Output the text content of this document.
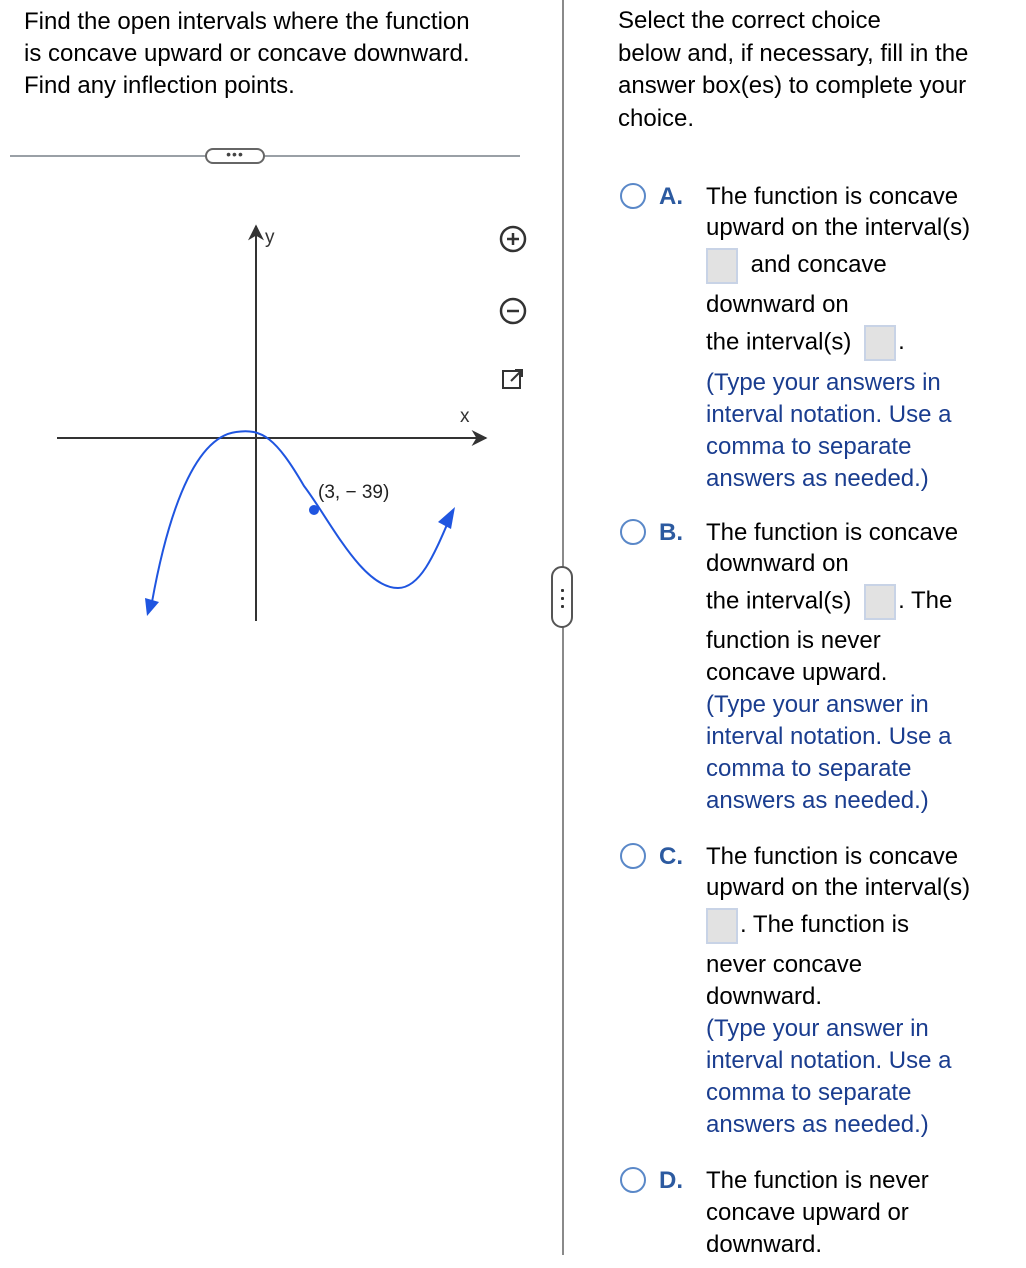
Find the open intervals where the function
is concave upward or concave downward.
Find any inflection points.
•••
y
x
(3, − 39)
Select the correct choice
below and, if necessary, fill in the
answer box(es) to complete your
choice.
A. The function is concave
upward on the interval(s)
and concave
downward on
the interval(s) .
(Type your answers in
interval notation. Use a
comma to separate
answers as needed.)
B. The function is concave
downward on
the interval(s) . The
function is never
concave upward.
(Type your answer in
interval notation. Use a
comma to separate
answers as needed.)
C. The function is concave
upward on the interval(s)
. The function is
never concave
downward.
(Type your answer in
interval notation. Use a
comma to separate
answers as needed.)
D. The function is never
concave upward or
downward.
